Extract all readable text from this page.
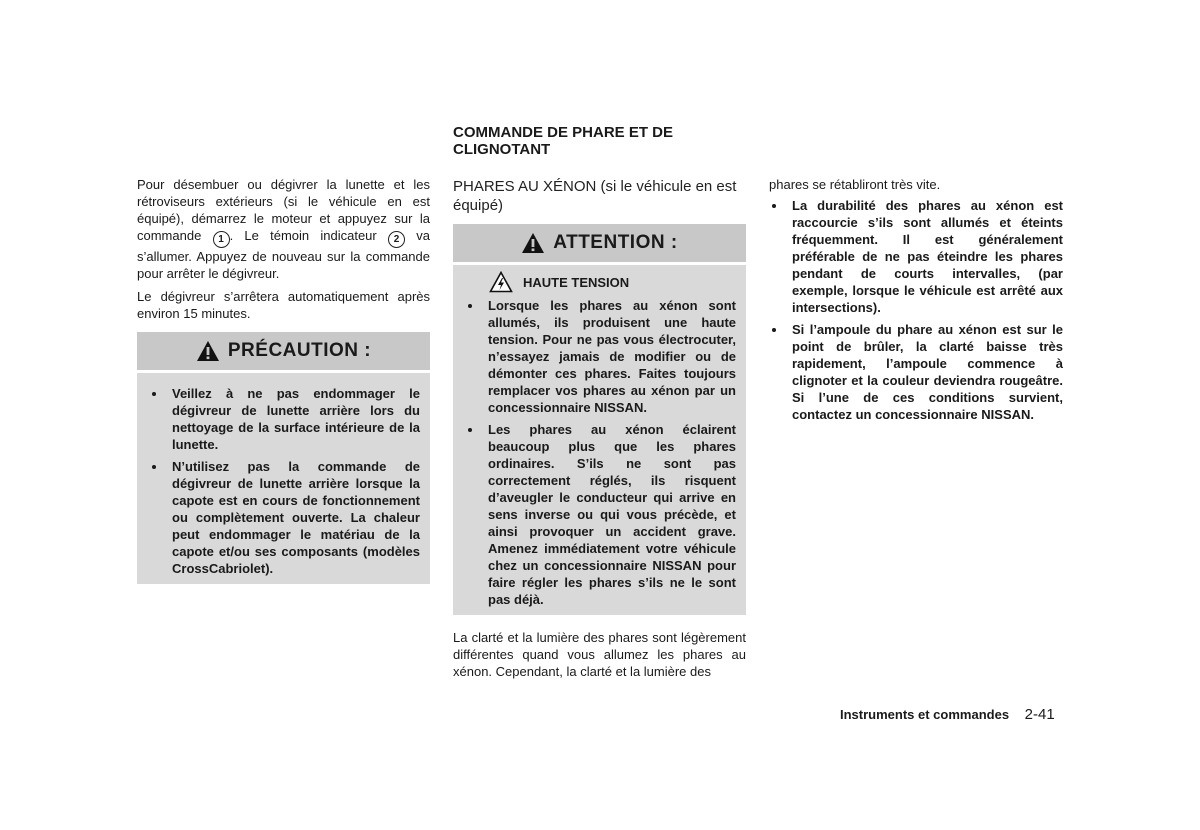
Pour désembuer ou dégivrer la lunette et les rétroviseurs extérieurs (si le véhicule en est équipé), démarrez le moteur et appuyez sur la commande 1 . Le témoin indicateur 2 va s’allumer. Appuyez de nouveau sur la commande pour arrêter le dégivreur.

Le dégivreur s’arrêtera automatiquement après environ 15 minutes.

PRÉCAUTION :
Veillez à ne pas endommager le dégivreur de lunette arrière lors du nettoyage de la surface intérieure de la lunette.
N’utilisez pas la commande de dégivreur de lunette arrière lorsque la capote est en cours de fonctionnement ou complètement ouverte. La chaleur peut endommager le matériau de la capote et/ou ses composants (modèles CrossCabriolet).
COMMANDE DE PHARE ET DE CLIGNOTANT

PHARES AU XÉNON (si le véhicule en est équipé)

ATTENTION :
HAUTE TENSION
Lorsque les phares au xénon sont allumés, ils produisent une haute tension. Pour ne pas vous électrocuter, n’essayez jamais de modifier ou de démonter ces phares. Faites toujours remplacer vos phares au xénon par un concessionnaire NISSAN.
Les phares au xénon éclairent beaucoup plus que les phares ordinaires. S’ils ne sont pas correctement réglés, ils risquent d’aveugler le conducteur qui arrive en sens inverse ou qui vous précède, et ainsi provoquer un accident grave. Amenez immédiatement votre véhicule chez un concessionnaire NISSAN pour faire régler les phares s’ils ne le sont pas déjà.

La clarté et la lumière des phares sont légèrement différentes quand vous allumez les phares au xénon. Cependant, la clarté et la lumière des

phares se rétabliront très vite.

La durabilité des phares au xénon est raccourcie s’ils sont allumés et éteints fréquemment. Il est généralement préférable de ne pas éteindre les phares pendant de courts intervalles, (par exemple, lorsque le véhicule est arrêté aux intersections).
Si l’ampoule du phare au xénon est sur le point de brûler, la clarté baisse très rapidement, l’ampoule commence à clignoter et la couleur deviendra rougeâtre. Si l’une de ces conditions survient, contactez un concessionnaire NISSAN.
Instruments et commandes 2-41
